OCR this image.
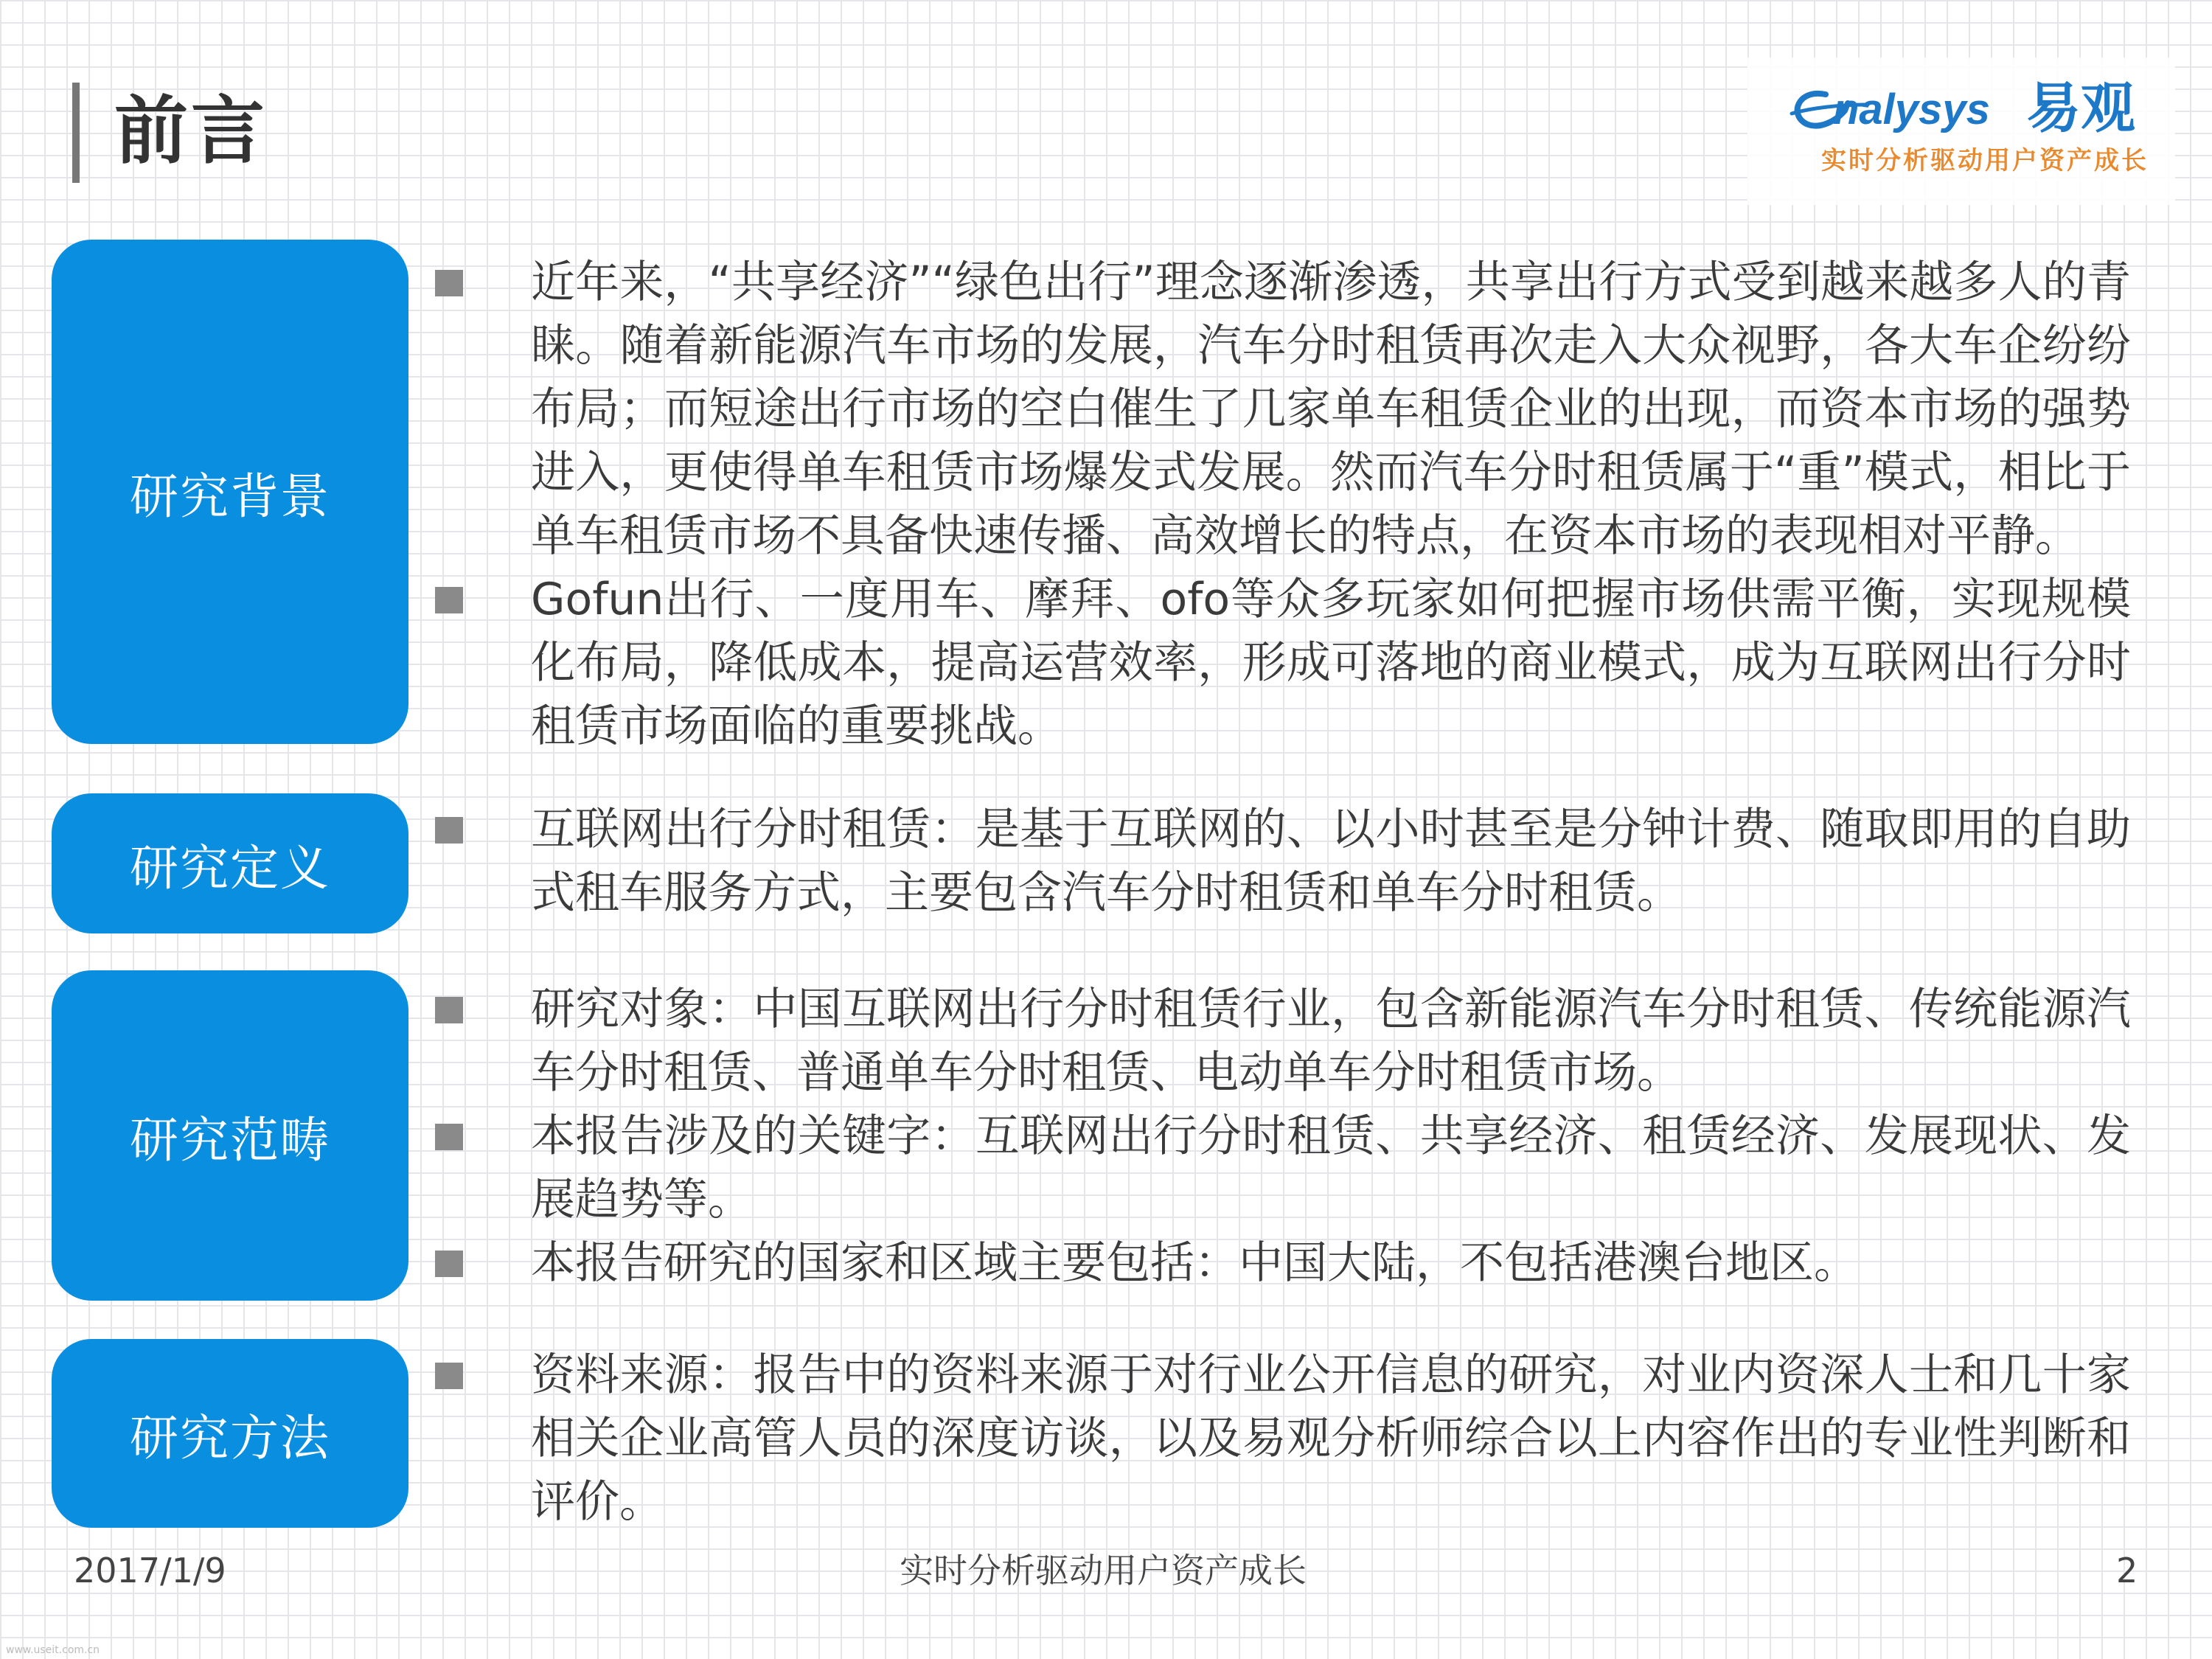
前言	nalysys 易观
实时分析驱动用户资产成长
研究背景
近年来，“共享经济”“绿色出行”理念逐渐渗透，共享出行方式受到越来越多人的青睐。随着新能源汽车市场的发展，汽车分时租赁再次走入大众视野，各大车企纷纷布局；而短途出行市场的空白催生了几家单车租赁企业的出现，而资本市场的强势进入，更使得单车租赁市场爆发式发展。然而汽车分时租赁属于“重”模式，相比于单车租赁市场不具备快速传播、高效增长的特点，在资本市场的表现相对平静。
Gofun出行、一度用车、摩拜、ofo等众多玩家如何把握市场供需平衡，实现规模化布局，降低成本，提高运营效率，形成可落地的商业模式，成为互联网出行分时租赁市场面临的重要挑战。
研究定义
互联网出行分时租赁：是基于互联网的、以小时甚至是分钟计费、随取即用的自助式租车服务方式，主要包含汽车分时租赁和单车分时租赁。
研究范畴
研究对象：中国互联网出行分时租赁行业，包含新能源汽车分时租赁、传统能源汽车分时租赁、普通单车分时租赁、电动单车分时租赁市场。
本报告涉及的关键字：互联网出行分时租赁、共享经济、租赁经济、发展现状、发展趋势等。
本报告研究的国家和区域主要包括：中国大陆，不包括港澳台地区。
研究方法
资料来源：报告中的资料来源于对行业公开信息的研究，对业内资深人士和几十家相关企业高管人员的深度访谈，以及易观分析师综合以上内容作出的专业性判断和评价。
2017/1/9	实时分析驱动用户资产成长	2
www.useit.com.cn
